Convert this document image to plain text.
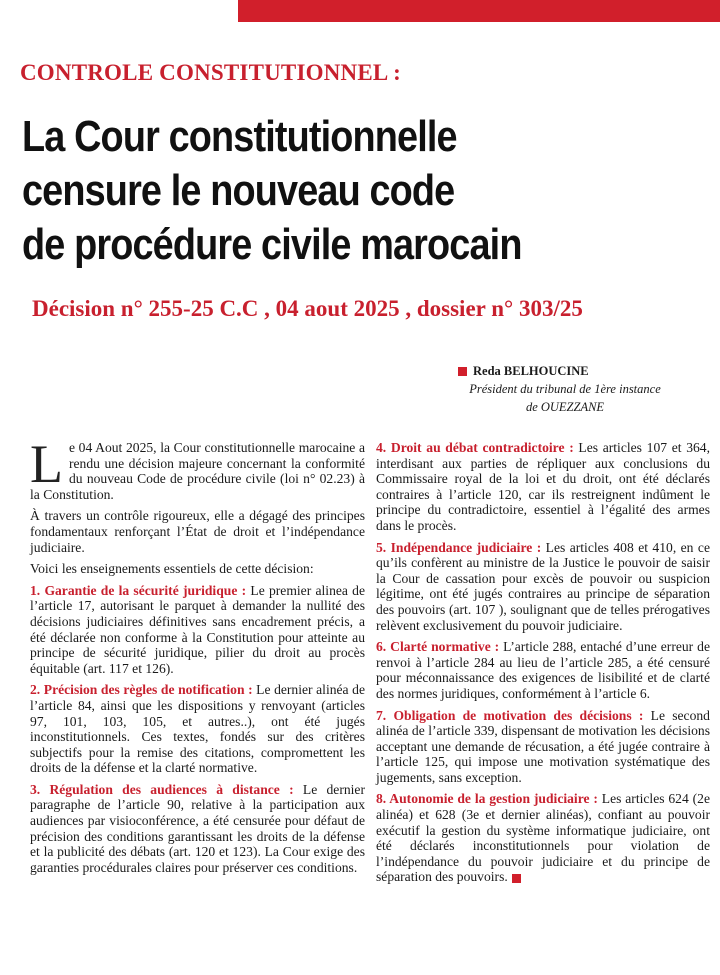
CONTROLE CONSTITUTIONNEL :
La Cour constitutionnelle
censure le nouveau code
de procédure civile marocain
Décision n° 255-25 C.C , 04 aout 2025 , dossier n° 303/25
Reda BELHOUCINE
Président du tribunal de 1ère instance
de OUEZZANE

Le 04 Aout 2025, la Cour constitutionnelle marocaine a rendu une décision majeure concernant la conformité du nouveau Code de procédure civile (loi n° 02.23) à la Constitution.

À travers un contrôle rigoureux, elle a dégagé des principes fondamentaux renforçant l’État de droit et l’indépendance judiciaire.

Voici les enseignements essentiels de cette décision:

1. Garantie de la sécurité juridique : Le premier alinea de l’article 17, autorisant le parquet à demander la nullité des décisions judiciaires définitives sans encadrement précis, a été déclarée non conforme à la Constitution pour atteinte au principe de sécurité juridique, pilier du droit au procès équitable (art. 117 et 126).

2. Précision des règles de notification : Le dernier alinéa de l’article 84, ainsi que les dispositions y renvoyant (articles 97, 101, 103, 105, et autres..), ont été jugés inconstitutionnels. Ces textes, fondés sur des critères subjectifs pour la remise des citations, compromettent les droits de la défense et la clarté normative.

3. Régulation des audiences à distance : Le dernier paragraphe de l’article 90, relative à la participation aux audiences par visioconférence, a été censurée pour défaut de précision des conditions garantissant les droits de la défense et la publicité des débats (art. 120 et 123). La Cour exige des garanties procédurales claires pour préserver ces conditions.

4. Droit au débat contradictoire : Les articles 107 et 364, interdisant aux parties de répliquer aux conclusions du Commissaire royal de la loi et du droit, ont été déclarés contraires à l’article 120, car ils restreignent indûment le principe du contradictoire, essentiel à l’égalité des armes dans le procès.

5. Indépendance judiciaire : Les articles 408 et 410, en ce qu’ils confèrent au ministre de la Justice le pouvoir de saisir la Cour de cassation pour excès de pouvoir ou suspicion légitime, ont été jugés contraires au principe de séparation des pouvoirs (art. 107 ), soulignant que de telles prérogatives relèvent exclusivement du pouvoir judiciaire.

6. Clarté normative : L’article 288, entaché d’une erreur de renvoi à l’article 284 au lieu de l’article 285, a été censuré pour méconnaissance des exigences de lisibilité et de clarté des normes juridiques, conformément à l’article 6.

7. Obligation de motivation des décisions : Le second alinéa de l’article 339, dispensant de motivation les décisions acceptant une demande de récusation, a été jugée contraire à l’article 125, qui impose une motivation systématique des jugements, sans exception.

8. Autonomie de la gestion judiciaire : Les articles 624 (2e alinéa) et 628 (3e et dernier alinéas), confiant au pouvoir exécutif la gestion du système informatique judiciaire, ont été déclarés inconstitutionnels pour violation de l’indépendance du pouvoir judiciaire et du principe de séparation des pouvoirs.
